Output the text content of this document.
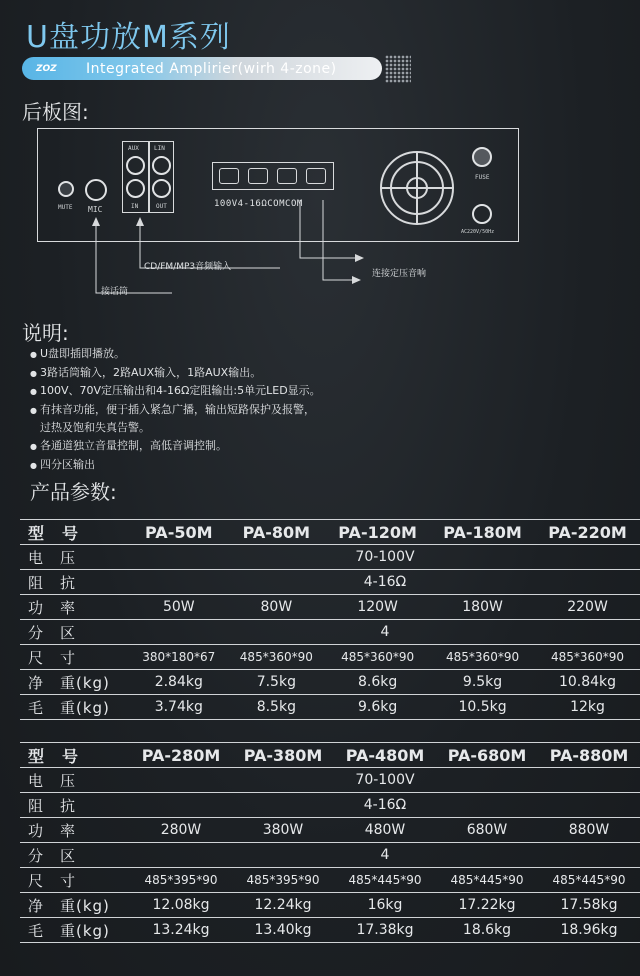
U盘功放M系列
ZOZ	Integrated Amplirier(wirh 4-zone)
后板图:
MUTE MIC
AUX	LIN
IN	OUT	100V4-16ΩCOMCOM
FUSE
AC220V/50Hz
CD/FM/MP3音频输入
接话筒
连接定压音响
说明:
● U盘即插即播放。
● 3路话筒输入，2路AUX输入，1路AUX输出。
● 100V、70V定压输出和4-16Ω定阻输出:5单元LED显示。
● 有抹音功能，便于插入紧急广播，输出短路保护及报警，
过热及饱和失真告警。
● 各通道独立音量控制，高低音调控制。
● 四分区输出
产品参数:
型　号	PA-50M	PA-80M	PA-120M	PA-180M	PA-220M
电　压	70-100V				
阻　抗	4-16Ω				
功　率	50W	80W	120W	180W	220W
分　区	4				
尺　寸	380*180*67	485*360*90	485*360*90	485*360*90	485*360*90
净　重(kg)	2.84kg	7.5kg	8.6kg	9.5kg	10.84kg
毛　重(kg)	3.74kg	8.5kg	9.6kg	10.5kg	12kg
型　号	PA-280M	PA-380M	PA-480M	PA-680M	PA-880M
电　压	70-100V				
阻　抗	4-16Ω				
功　率	280W	380W	480W	680W	880W
分　区	4				
尺　寸	485*395*90	485*395*90	485*445*90	485*445*90	485*445*90
净　重(kg)	12.08kg	12.24kg	16kg	17.22kg	17.58kg
毛　重(kg)	13.24kg	13.40kg	17.38kg	18.6kg	18.96kg
